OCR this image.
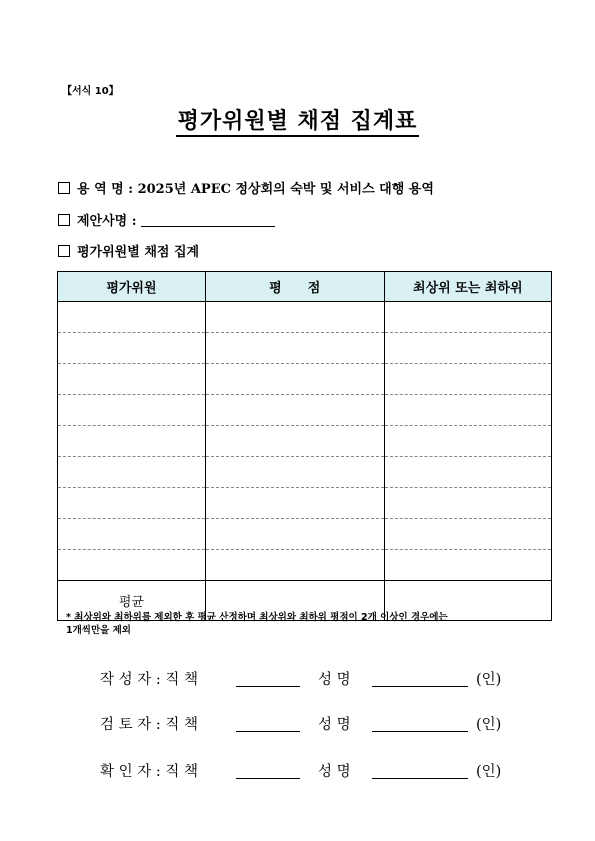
【서식 10】
평가위원별 채점 집계표
용 역 명 : 2025년 APEC 정상회의 숙박 및 서비스 대행 용역
제안사명 :
평가위원별 채점 집계
평가위원	평　　점	최상위 또는 최하위

평균		
* 최상위와 최하위를 제외한 후 평균 산정하며 최상위와 최하위 평점이 2개 이상인 경우에는
1개씩만을 제외
작 성 자 : 직 책	성 명	(인)
검 토 자 : 직 책	성 명	(인)
확 인 자 : 직 책	성 명	(인)
